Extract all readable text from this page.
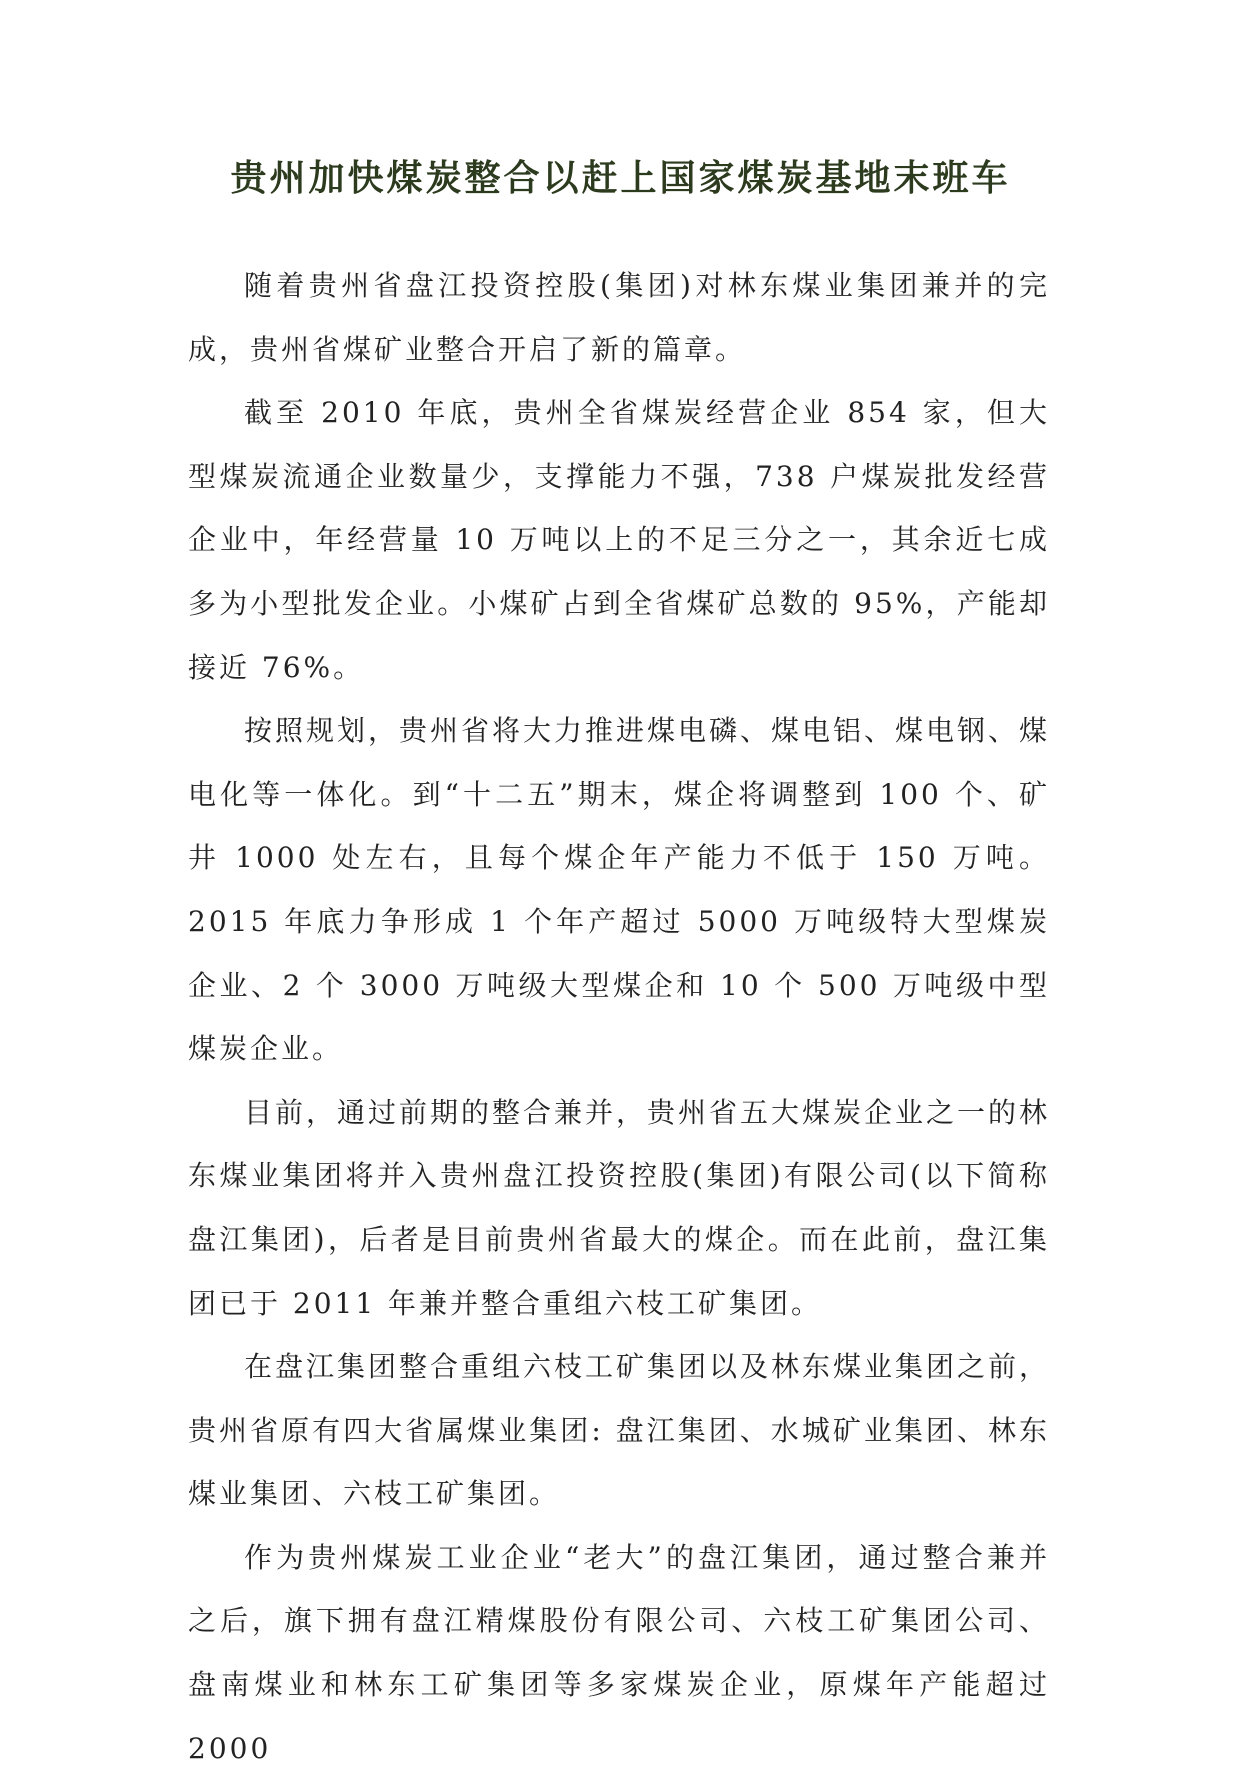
贵州加快煤炭整合以赶上国家煤炭基地末班车

随着贵州省盘江投资控股(集团)对林东煤业集团兼并的完成，贵州省煤矿业整合开启了新的篇章。

截至 2010 年底，贵州全省煤炭经营企业 854 家，但大型煤炭流通企业数量少，支撑能力不强，738 户煤炭批发经营企业中，年经营量 10 万吨以上的不足三分之一，其余近七成多为小型批发企业。小煤矿占到全省煤矿总数的 95%，产能却接近 76%。

按照规划，贵州省将大力推进煤电磷、煤电铝、煤电钢、煤电化等一体化。到“十二五”期末，煤企将调整到 100 个、矿井 1000 处左右，且每个煤企年产能力不低于 150 万吨。2015 年底力争形成 1 个年产超过 5000 万吨级特大型煤炭企业、2 个 3000 万吨级大型煤企和 10 个 500 万吨级中型煤炭企业。

目前，通过前期的整合兼并，贵州省五大煤炭企业之一的林东煤业集团将并入贵州盘江投资控股(集团)有限公司(以下简称盘江集团)，后者是目前贵州省最大的煤企。而在此前，盘江集团已于 2011 年兼并整合重组六枝工矿集团。

在盘江集团整合重组六枝工矿集团以及林东煤业集团之前，贵州省原有四大省属煤业集团: 盘江集团、水城矿业集团、林东煤业集团、六枝工矿集团。

作为贵州煤炭工业企业“老大”的盘江集团，通过整合兼并之后，旗下拥有盘江精煤股份有限公司、六枝工矿集团公司、盘南煤业和林东工矿集团等多家煤炭企业，原煤年产能超过 2000
